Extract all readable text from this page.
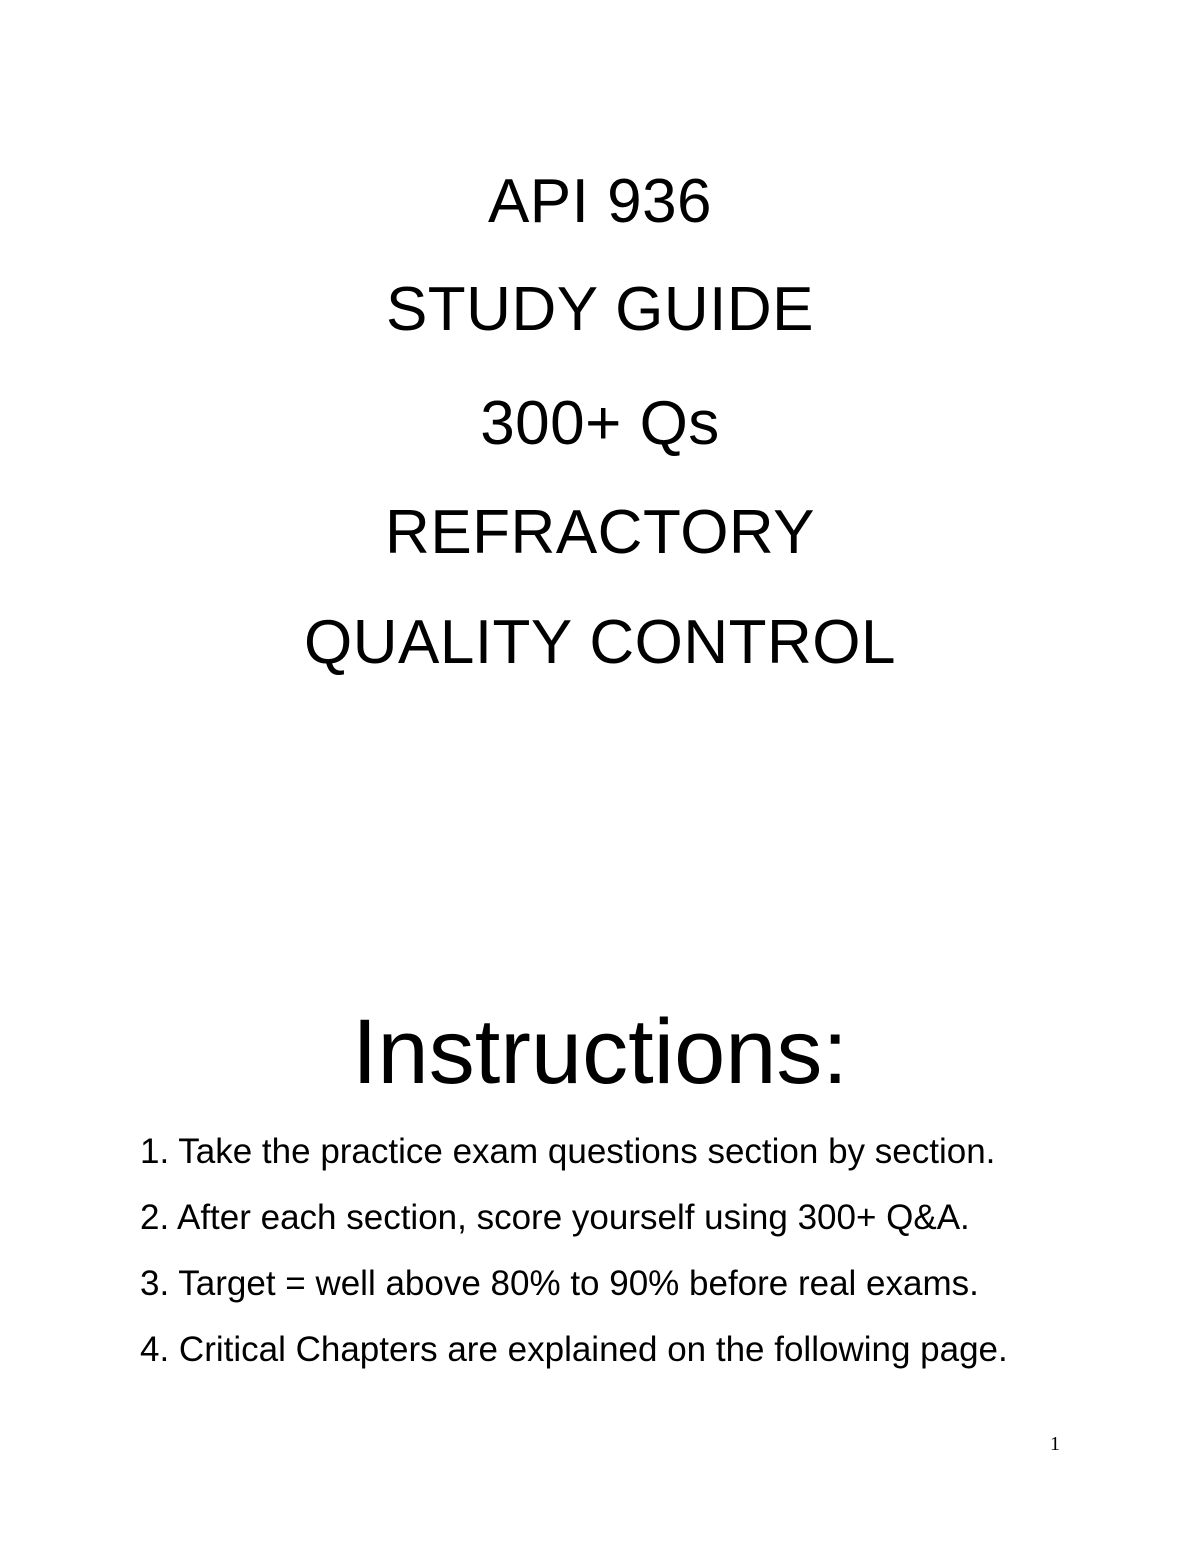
API 936
STUDY GUIDE
300+ Qs
REFRACTORY
QUALITY CONTROL
Instructions:
1. Take the practice exam questions section by section.
2. After each section, score yourself using 300+ Q&A.
3. Target = well above 80% to 90% before real exams.
4. Critical Chapters are explained on the following page.
1
